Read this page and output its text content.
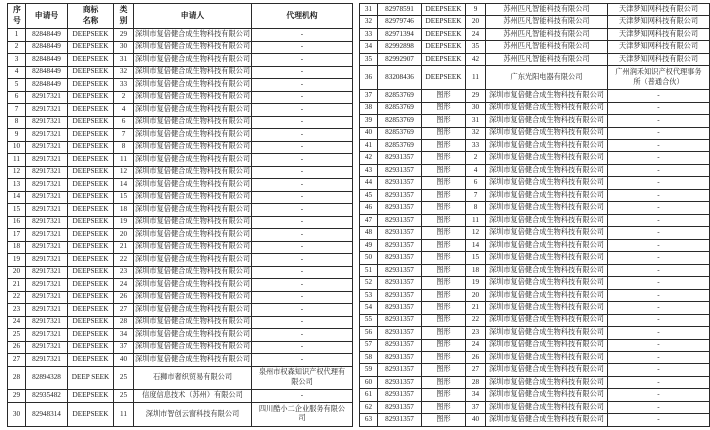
序号	申请号	商标名称	类别	申请人	代理机构
1	82848449	DEEPSEEK	29	深圳市复倍健合成生物科技有限公司	-
2	82848449	DEEPSEEK	30	深圳市复倍健合成生物科技有限公司	-
3	82848449	DEEPSEEK	31	深圳市复倍健合成生物科技有限公司	-
4	82848449	DEEPSEEK	32	深圳市复倍健合成生物科技有限公司	-
5	82848449	DEEPSEEK	33	深圳市复倍健合成生物科技有限公司	-
6	82917321	DEEPSEEK	2	深圳市复倍健合成生物科技有限公司	-
7	82917321	DEEPSEEK	4	深圳市复倍健合成生物科技有限公司	-
8	82917321	DEEPSEEK	6	深圳市复倍健合成生物科技有限公司	-
9	82917321	DEEPSEEK	7	深圳市复倍健合成生物科技有限公司	-
10	82917321	DEEPSEEK	8	深圳市复倍健合成生物科技有限公司	-
11	82917321	DEEPSEEK	11	深圳市复倍健合成生物科技有限公司	-
12	82917321	DEEPSEEK	12	深圳市复倍健合成生物科技有限公司	-
13	82917321	DEEPSEEK	14	深圳市复倍健合成生物科技有限公司	-
14	82917321	DEEPSEEK	15	深圳市复倍健合成生物科技有限公司	-
15	82917321	DEEPSEEK	18	深圳市复倍健合成生物科技有限公司	-
16	82917321	DEEPSEEK	19	深圳市复倍健合成生物科技有限公司	-
17	82917321	DEEPSEEK	20	深圳市复倍健合成生物科技有限公司	-
18	82917321	DEEPSEEK	21	深圳市复倍健合成生物科技有限公司	-
19	82917321	DEEPSEEK	22	深圳市复倍健合成生物科技有限公司	-
20	82917321	DEEPSEEK	23	深圳市复倍健合成生物科技有限公司	-
21	82917321	DEEPSEEK	24	深圳市复倍健合成生物科技有限公司	-
22	82917321	DEEPSEEK	26	深圳市复倍健合成生物科技有限公司	-
23	82917321	DEEPSEEK	27	深圳市复倍健合成生物科技有限公司	-
24	82917321	DEEPSEEK	28	深圳市复倍健合成生物科技有限公司	-
25	82917321	DEEPSEEK	34	深圳市复倍健合成生物科技有限公司	-
26	82917321	DEEPSEEK	37	深圳市复倍健合成生物科技有限公司	-
27	82917321	DEEPSEEK	40	深圳市复倍健合成生物科技有限公司	-
28	82894328	DEEP SEEK	25	石狮市奢织贸易有限公司	泉州市权森知识产权代理有限公司
29	82935482	DEEPSEEK	25	信度信息技术（苏州）有限公司	-
30	82948314	DEEPSEEK	11	深圳市智创云窗科技有限公司	四川酷小二企业服务有限公司
31	82978591	DEEPSEEK	9	苏州匹凡智能科技有限公司	天津梦知网科技有限公司
32	82979746	DEEPSEEK	20	苏州匹凡智能科技有限公司	天津梦知网科技有限公司
33	82971394	DEEPSEEK	24	苏州匹凡智能科技有限公司	天津梦知网科技有限公司
34	82992898	DEEPSEEK	35	苏州匹凡智能科技有限公司	天津梦知网科技有限公司
35	82992907	DEEPSEEK	42	苏州匹凡智能科技有限公司	天津梦知网科技有限公司
36	83208436	DEEPSEEK	11	广东光阳电器有限公司	广州润禾知识产权代理事务所（普通合伙）
37	82853769	图形	29	深圳市复倍健合成生物科技有限公司	-
38	82853769	图形	30	深圳市复倍健合成生物科技有限公司	-
39	82853769	图形	31	深圳市复倍健合成生物科技有限公司	-
40	82853769	图形	32	深圳市复倍健合成生物科技有限公司	-
41	82853769	图形	33	深圳市复倍健合成生物科技有限公司	-
42	82931357	图形	2	深圳市复倍健合成生物科技有限公司	-
43	82931357	图形	4	深圳市复倍健合成生物科技有限公司	-
44	82931357	图形	6	深圳市复倍健合成生物科技有限公司	-
45	82931357	图形	7	深圳市复倍健合成生物科技有限公司	-
46	82931357	图形	8	深圳市复倍健合成生物科技有限公司	-
47	82931357	图形	11	深圳市复倍健合成生物科技有限公司	-
48	82931357	图形	12	深圳市复倍健合成生物科技有限公司	-
49	82931357	图形	14	深圳市复倍健合成生物科技有限公司	-
50	82931357	图形	15	深圳市复倍健合成生物科技有限公司	-
51	82931357	图形	18	深圳市复倍健合成生物科技有限公司	-
52	82931357	图形	19	深圳市复倍健合成生物科技有限公司	-
53	82931357	图形	20	深圳市复倍健合成生物科技有限公司	-
54	82931357	图形	21	深圳市复倍健合成生物科技有限公司	-
55	82931357	图形	22	深圳市复倍健合成生物科技有限公司	-
56	82931357	图形	23	深圳市复倍健合成生物科技有限公司	-
57	82931357	图形	24	深圳市复倍健合成生物科技有限公司	-
58	82931357	图形	26	深圳市复倍健合成生物科技有限公司	-
59	82931357	图形	27	深圳市复倍健合成生物科技有限公司	-
60	82931357	图形	28	深圳市复倍健合成生物科技有限公司	-
61	82931357	图形	34	深圳市复倍健合成生物科技有限公司	-
62	82931357	图形	37	深圳市复倍健合成生物科技有限公司	-
63	82931357	图形	40	深圳市复倍健合成生物科技有限公司	-
